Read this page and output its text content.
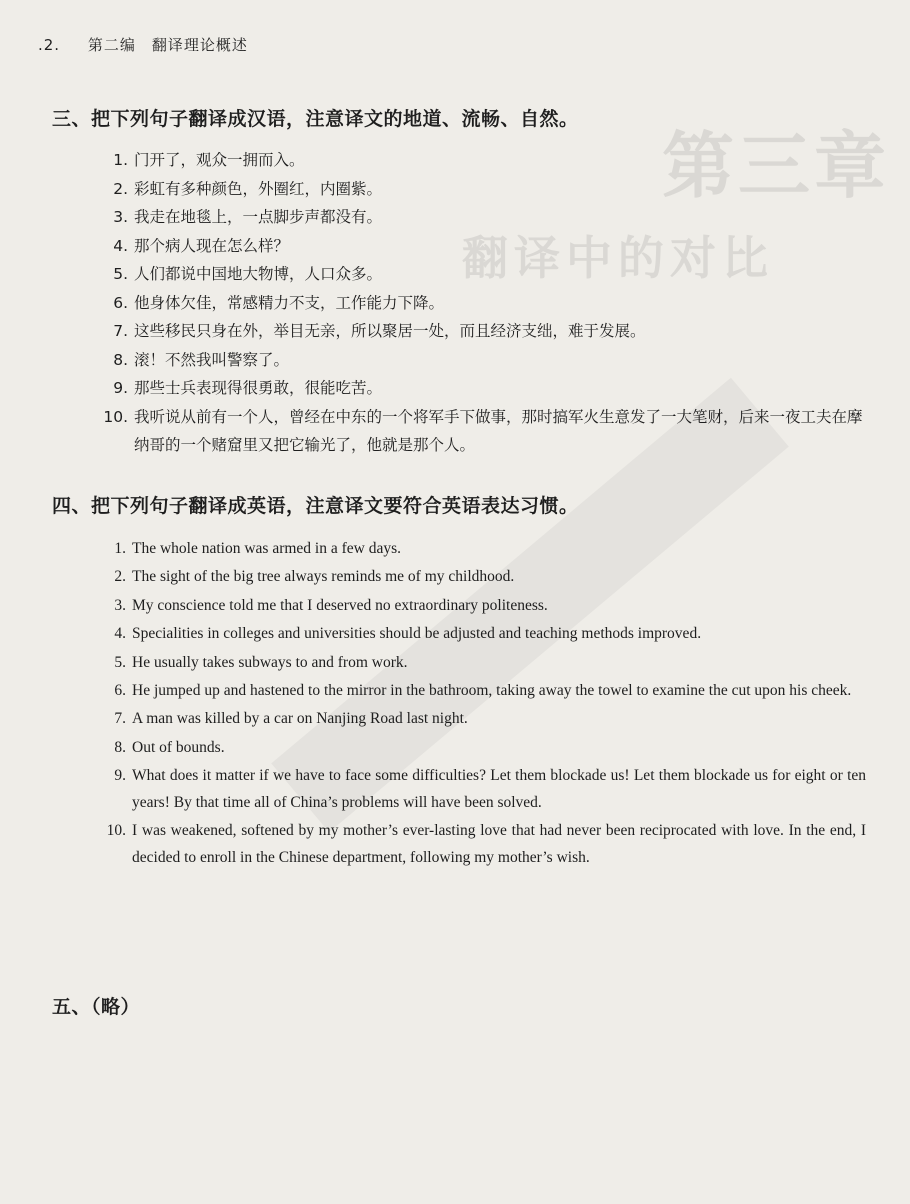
第三章
翻译中的对比
.2. 第二编　翻译理论概述
三、把下列句子翻译成汉语，注意译文的地道、流畅、自然。
1. 门开了，观众一拥而入。
2. 彩虹有多种颜色，外圈红，内圈紫。
3. 我走在地毯上，一点脚步声都没有。
4. 那个病人现在怎么样？
5. 人们都说中国地大物博，人口众多。
6. 他身体欠佳，常感精力不支，工作能力下降。
7. 这些移民只身在外，举目无亲，所以聚居一处，而且经济支绌，难于发展。
8. 滚！不然我叫警察了。
9. 那些士兵表现得很勇敢，很能吃苦。
10. 我听说从前有一个人，曾经在中东的一个将军手下做事，那时搞军火生意发了一大笔财，后来一夜工夫在摩纳哥的一个赌窟里又把它输光了，他就是那个人。
四、把下列句子翻译成英语，注意译文要符合英语表达习惯。
1. The whole nation was armed in a few days.
2. The sight of the big tree always reminds me of my childhood.
3. My conscience told me that I deserved no extraordinary politeness.
4. Specialities in colleges and universities should be adjusted and teaching methods improved.
5. He usually takes subways to and from work.
6. He jumped up and hastened to the mirror in the bathroom, taking away the towel to examine the cut upon his cheek.
7. A man was killed by a car on Nanjing Road last night.
8. Out of bounds.
9. What does it matter if we have to face some difficulties? Let them blockade us! Let them blockade us for eight or ten years! By that time all of China’s problems will have been solved.
10. I was weakened, softened by my mother’s ever-lasting love that had never been reciprocated with love. In the end, I decided to enroll in the Chinese department, following my mother’s wish.
五、（略）
